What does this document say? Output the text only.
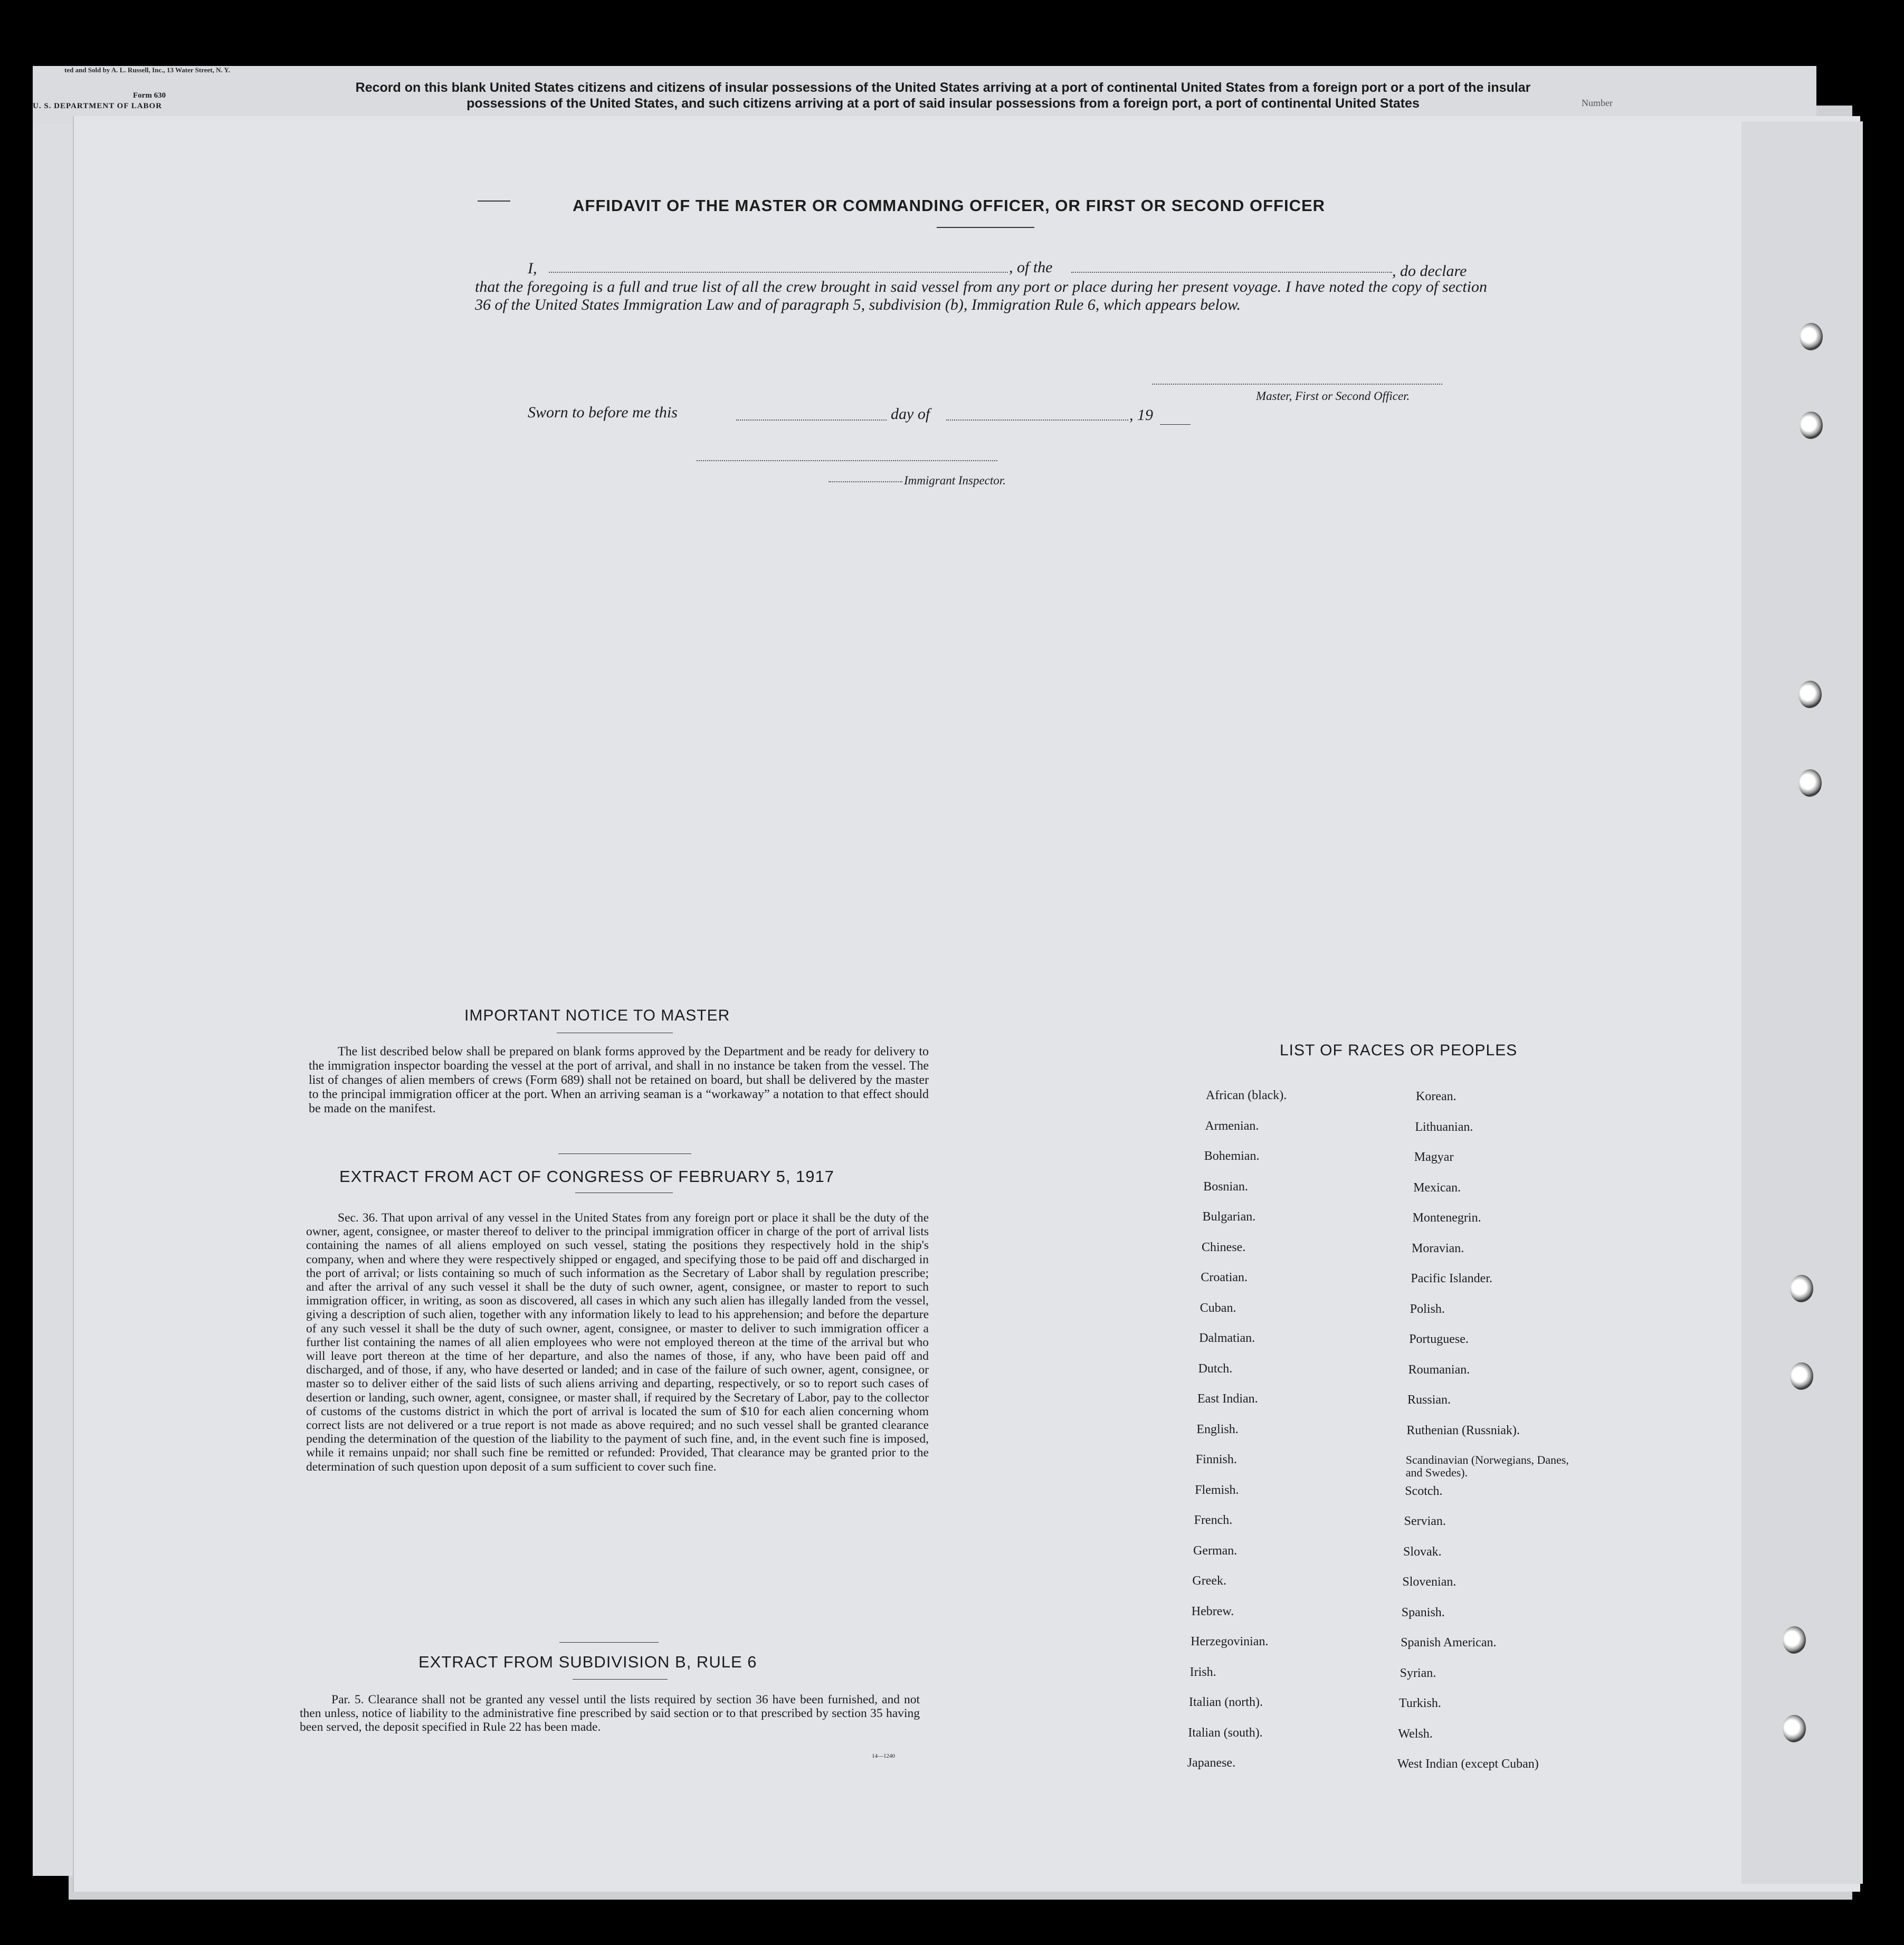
ted and Sold by A. L. Russell, Inc., 13 Water Street, N. Y.
Form 630
U. S. DEPARTMENT OF LABOR
Record on this blank United States citizens and citizens of insular possessions of the United States arriving at a port of continental United States from a foreign port or a port of the insular possessions of the United States, and such citizens arriving at a port of said insular possessions from a foreign port, a port of continental United States	Number
AFFIDAVIT OF THE MASTER OR COMMANDING OFFICER, OR FIRST OR SECOND OFFICER
I,	, of the	, do declare
that the foregoing is a full and true list of all the crew brought in said vessel from any port or place during her present voyage. I have noted the copy of section 36 of the United States Immigration Law and of paragraph 5, subdivision (b), Immigration Rule 6, which appears below.
Master, First or Second Officer.
Sworn to before me this	day of	, 19
Immigrant Inspector.
IMPORTANT NOTICE TO MASTER
The list described below shall be prepared on blank forms approved by the Department and be ready for delivery to the immigration inspector boarding the vessel at the port of arrival, and shall in no instance be taken from the vessel. The list of changes of alien members of crews (Form 689) shall not be retained on board, but shall be delivered by the master to the principal immigration officer at the port. When an arriving seaman is a “workaway” a notation to that effect should be made on the manifest.
EXTRACT FROM ACT OF CONGRESS OF FEBRUARY 5, 1917
Sec. 36. That upon arrival of any vessel in the United States from any foreign port or place it shall be the duty of the owner, agent, consignee, or master thereof to deliver to the principal immigration officer in charge of the port of arrival lists containing the names of all aliens employed on such vessel, stating the positions they respectively hold in the ship's company, when and where they were respectively shipped or engaged, and specifying those to be paid off and discharged in the port of arrival; or lists containing so much of such information as the Secretary of Labor shall by regulation prescribe; and after the arrival of any such vessel it shall be the duty of such owner, agent, consignee, or master to report to such immigration officer, in writing, as soon as discovered, all cases in which any such alien has illegally landed from the vessel, giving a description of such alien, together with any information likely to lead to his apprehension; and before the departure of any such vessel it shall be the duty of such owner, agent, consignee, or master to deliver to such immigration officer a further list containing the names of all alien employees who were not employed thereon at the time of the arrival but who will leave port thereon at the time of her departure, and also the names of those, if any, who have been paid off and discharged, and of those, if any, who have deserted or landed; and in case of the failure of such owner, agent, consignee, or master so to deliver either of the said lists of such aliens arriving and departing, respectively, or so to report such cases of desertion or landing, such owner, agent, consignee, or master shall, if required by the Secretary of Labor, pay to the collector of customs of the customs district in which the port of arrival is located the sum of $10 for each alien concerning whom correct lists are not delivered or a true report is not made as above required; and no such vessel shall be granted clearance pending the determination of the question of the liability to the payment of such fine, and, in the event such fine is imposed, while it remains unpaid; nor shall such fine be remitted or refunded: Provided, That clearance may be granted prior to the determination of such question upon deposit of a sum sufficient to cover such fine.
EXTRACT FROM SUBDIVISION B, RULE 6
Par. 5. Clearance shall not be granted any vessel until the lists required by section 36 have been furnished, and not then unless, notice of liability to the administrative fine prescribed by said section or to that prescribed by section 35 having been served, the deposit specified in Rule 22 has been made.
14—1240
LIST OF RACES OR PEOPLES
African (black).
Armenian.
Bohemian.
Bosnian.
Bulgarian.
Chinese.
Croatian.
Cuban.
Dalmatian.
Dutch.
East Indian.
English.
Finnish.
Flemish.
French.
German.
Greek.
Hebrew.
Herzegovinian.
Irish.
Italian (north).
Italian (south).
Japanese.
Korean.
Lithuanian.
Magyar
Mexican.
Montenegrin.
Moravian.
Pacific Islander.
Polish.
Portuguese.
Roumanian.
Russian.
Ruthenian (Russniak).
Scandinavian (Norwegians, Danes, and Swedes).
Scotch.
Servian.
Slovak.
Slovenian.
Spanish.
Spanish American.
Syrian.
Turkish.
Welsh.
West Indian (except Cuban)
